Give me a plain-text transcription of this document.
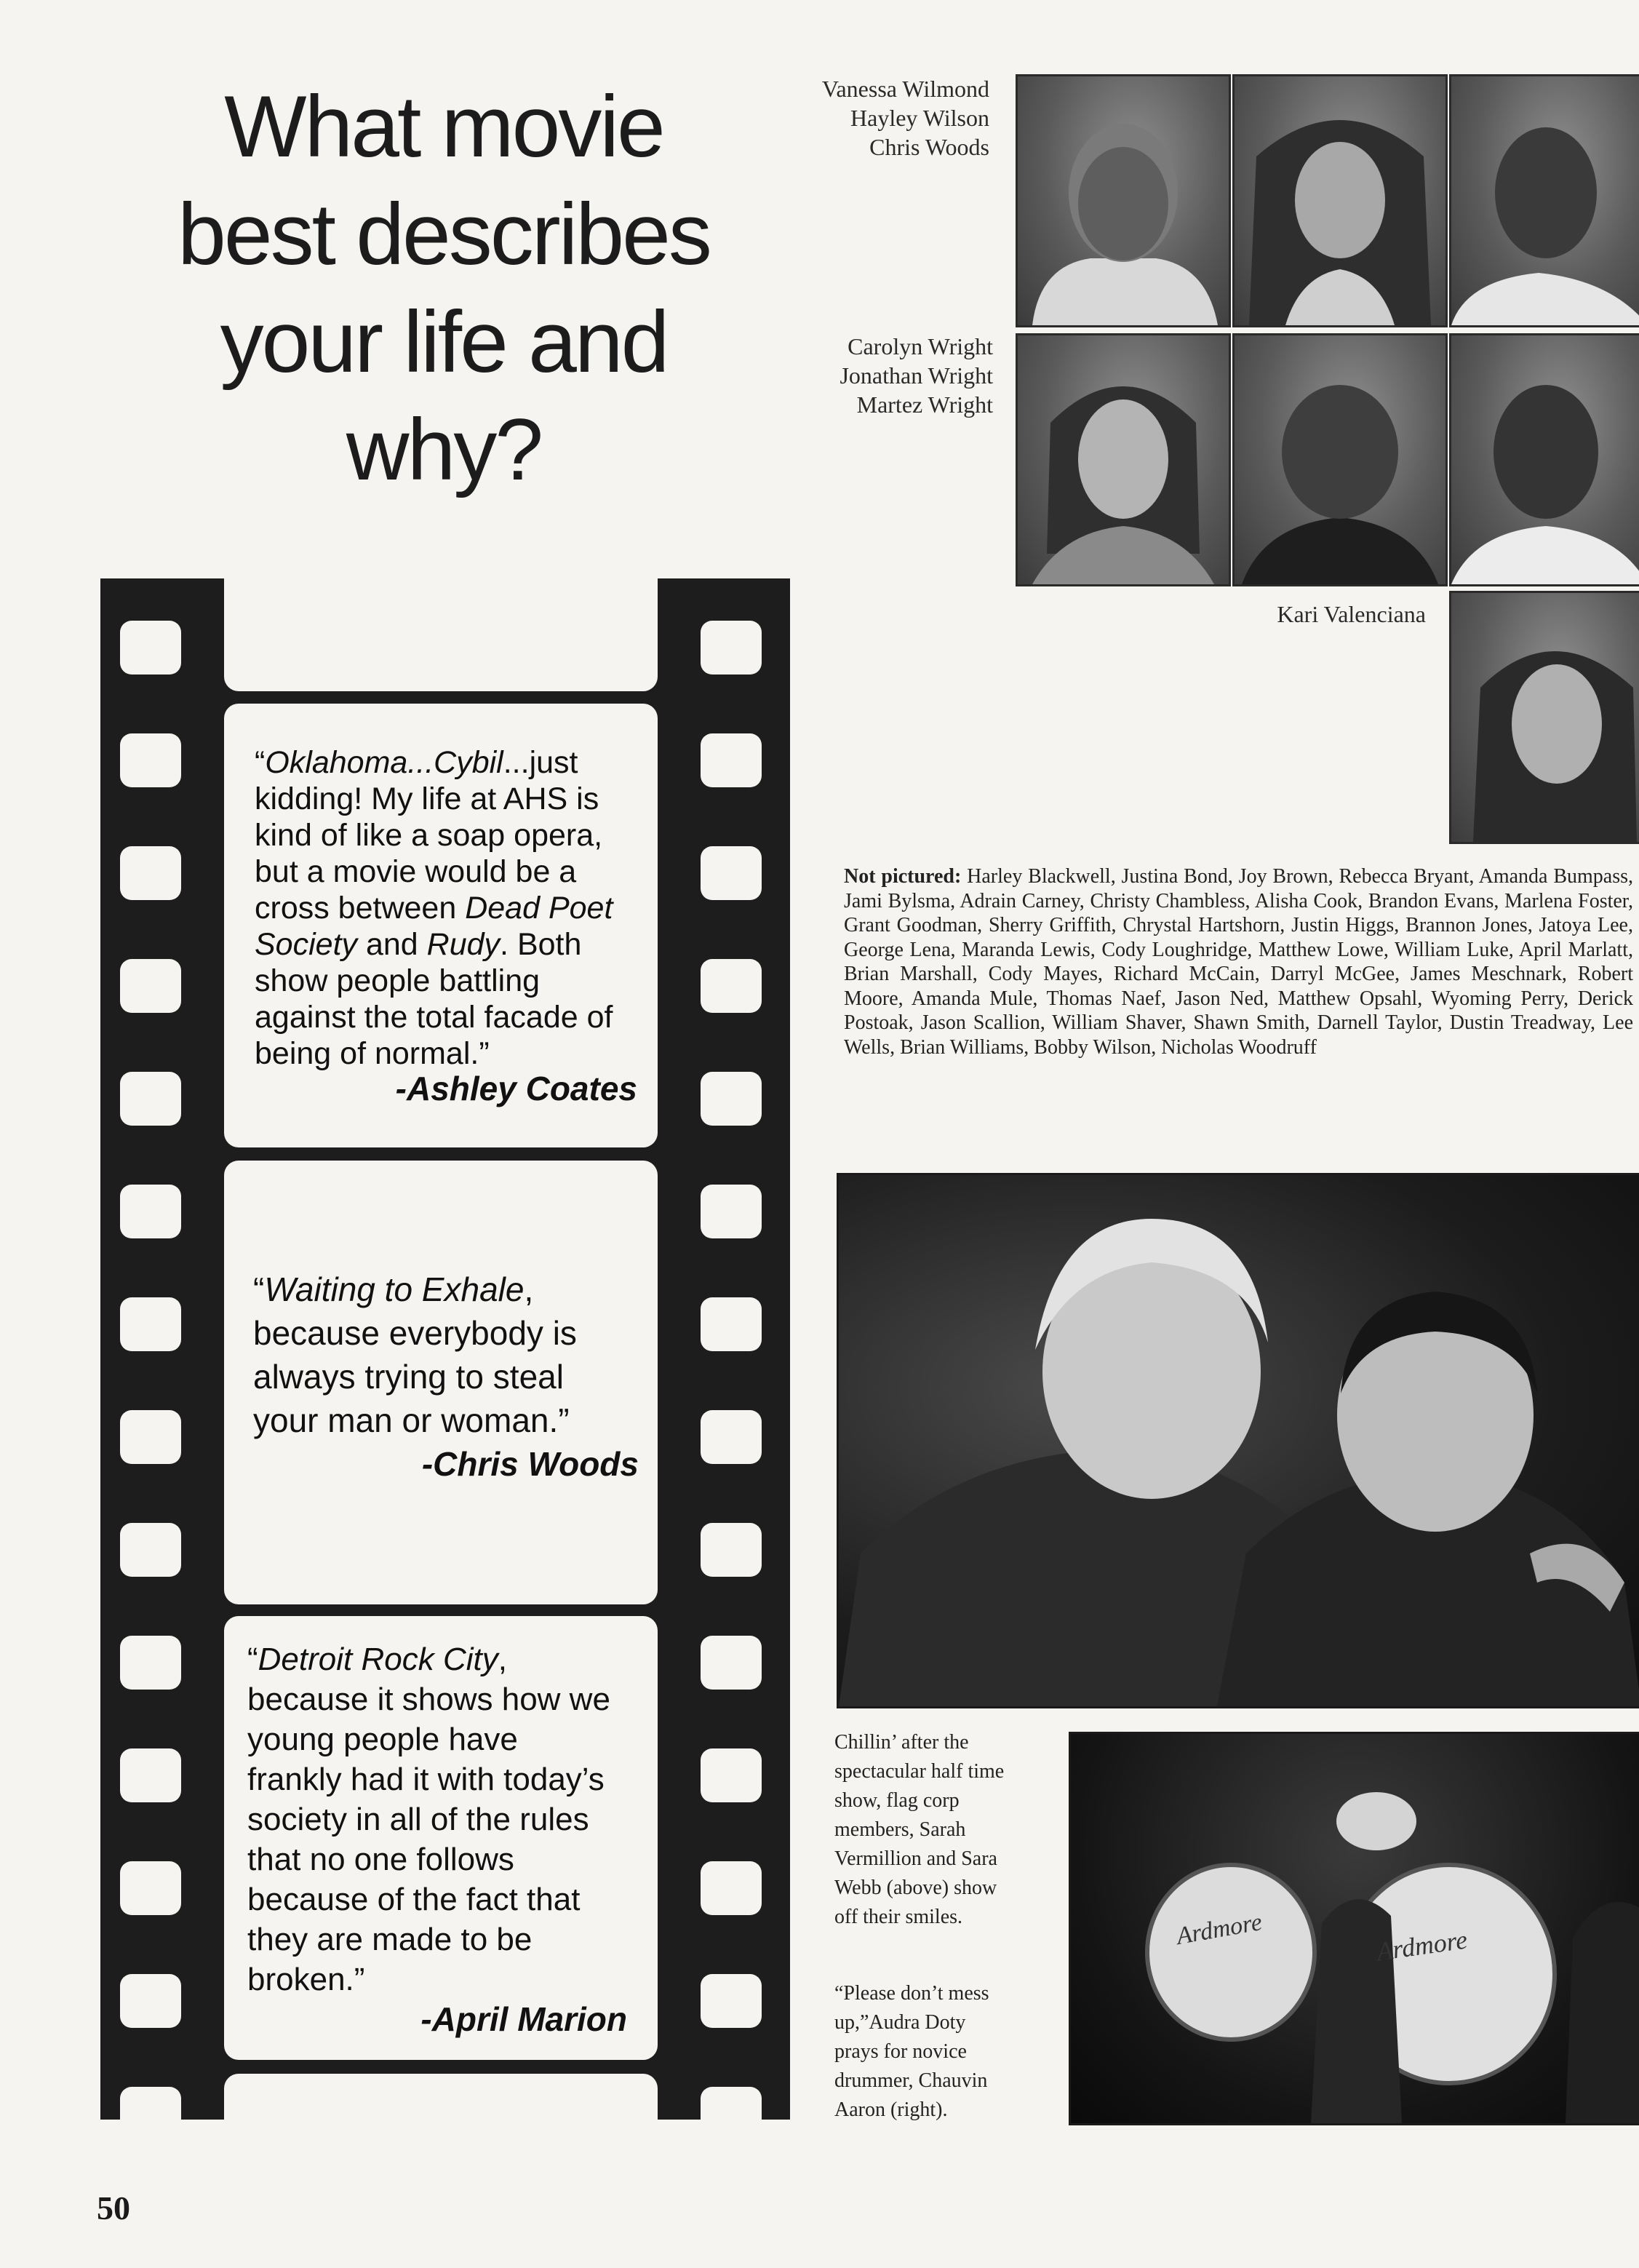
What movie
best describes
your life and
why?
Vanessa Wilmond
Hayley Wilson
Chris Woods
Carolyn Wright
Jonathan Wright
Martez Wright
Kari Valenciana
“Oklahoma...Cybil...just
kidding! My life at AHS is
kind of like a soap opera,
but a movie would be a
cross between Dead Poet
Society and Rudy. Both
show people battling
against the total facade of
being of normal.”
-Ashley Coates
“Waiting to Exhale,
because everybody is
always trying to steal
your man or woman.”
-Chris Woods
“Detroit Rock City,
because it shows how we
young people have
frankly had it with today’s
society in all of the rules
that no one follows
because of the fact that
they are made to be
broken.”
-April Marion
Not pictured: Harley Blackwell, Justina Bond, Joy Brown, Rebecca Bryant, Amanda Bumpass, Jami Bylsma, Adrain Carney, Christy Chambless, Alisha Cook, Brandon Evans, Marlena Foster, Grant Goodman, Sherry Griffith, Chrystal Hartshorn, Justin Higgs, Brannon Jones, Jatoya Lee, George Lena, Maranda Lewis, Cody Loughridge, Matthew Lowe, William Luke, April Marlatt, Brian Marshall, Cody Mayes, Richard McCain, Darryl McGee, James Meschnark, Robert Moore, Amanda Mule, Thomas Naef, Jason Ned, Matthew Opsahl, Wyoming Perry, Derick Postoak, Jason Scallion, William Shaver, Shawn Smith, Darnell Taylor, Dustin Treadway, Lee Wells, Brian Williams, Bobby Wilson, Nicholas Woodruff
Ardmore	Ardmore
Chillin’ after the
spectacular half time
show, flag corp
members, Sarah
Vermillion and Sara
Webb (above) show
off their smiles.
“Please don’t mess
up,”Audra Doty
prays for novice
drummer, Chauvin
Aaron (right).
50
